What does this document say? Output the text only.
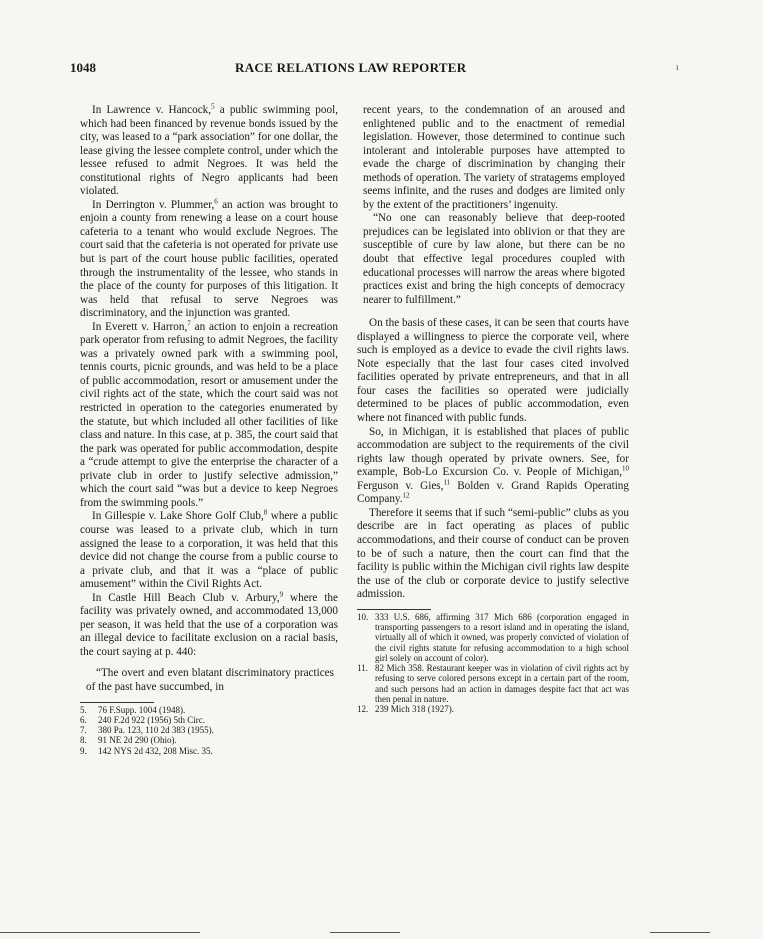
1048	RACE RELATIONS LAW REPORTER	ı

In Lawrence v. Hancock,$^5$ a public swimming pool, which had been financed by revenue bonds issued by the city, was leased to a “park association” for one dollar, the lease giving the lessee complete control, under which the lessee refused to admit Negroes. It was held the constitutional rights of Negro applicants had been violated.

In Derrington v. Plummer,$^6$ an action was brought to enjoin a county from renewing a lease on a court house cafeteria to a tenant who would exclude Negroes. The court said that the cafeteria is not operated for private use but is part of the court house public facilities, operated through the instrumentality of the lessee, who stands in the place of the county for purposes of this litigation. It was held that refusal to serve Negroes was discriminatory, and the injunction was granted.

In Everett v. Harron,$^7$ an action to enjoin a recreation park operator from refusing to admit Negroes, the facility was a privately owned park with a swimming pool, tennis courts, picnic grounds, and was held to be a place of public accommodation, resort or amusement under the civil rights act of the state, which the court said was not restricted in operation to the categories enumerated by the statute, but which included all other facilities of like class and nature. In this case, at p. 385, the court said that the park was operated for public accommodation, despite a “crude attempt to give the enterprise the character of a private club in order to justify selective admission,” which the court said “was but a device to keep Negroes from the swimming pools.”

In Gillespie v. Lake Shore Golf Club,$^8$ where a public course was leased to a private club, which in turn assigned the lease to a corporation, it was held that this device did not change the course from a public course to a private club, and that it was a “place of public amusement” within the Civil Rights Act.

In Castle Hill Beach Club v. Arbury,$^9$ where the facility was privately owned, and accommodated 13,000 per season, it was held that the use of a corporation was an illegal device to facilitate exclusion on a racial basis, the court saying at p. 440:

“The overt and even blatant discriminatory practices of the past have succumbed, in

5.	76 F.Supp. 1004 (1948).
6.	240 F.2d 922 (1956) 5th Circ.
7.	380 Pa. 123, 110 2d 383 (1955).
8.	91 NE 2d 290 (Ohio).
9.	142 NYS 2d 432, 208 Misc. 35.

recent years, to the condemnation of an aroused and enlightened public and to the enactment of remedial legislation. However, those determined to continue such intolerant and intolerable purposes have attempted to evade the charge of discrimination by changing their methods of operation. The variety of stratagems employed seems infinite, and the ruses and dodges are limited only by the extent of the practitioners’ ingenuity.

“No one can reasonably believe that deep-rooted prejudices can be legislated into oblivion or that they are susceptible of cure by law alone, but there can be no doubt that effective legal procedures coupled with educational processes will narrow the areas where bigoted practices exist and bring the high concepts of democracy nearer to fulfillment.”

On the basis of these cases, it can be seen that courts have displayed a willingness to pierce the corporate veil, where such is employed as a device to evade the civil rights laws. Note especially that the last four cases cited involved facilities operated by private entrepreneurs, and that in all four cases the facilities so operated were judicially determined to be places of public accommodation, even where not financed with public funds.

So, in Michigan, it is established that places of public accommodation are subject to the requirements of the civil rights law though operated by private owners. See, for example, Bob-Lo Excursion Co. v. People of Michigan,$^{10}$ Ferguson v. Gies,$^{11}$ Bolden v. Grand Rapids Operating Company.$^{12}$

Therefore it seems that if such “semi-public” clubs as you describe are in fact operating as places of public accommodations, and their course of conduct can be proven to be of such a nature, then the court can find that the facility is public within the Michigan civil rights law despite the use of the club or corporate device to justify selective admission.

10. 333 U.S. 686, affirming 317 Mich 686 (corporation engaged in transporting passengers to a resort island and in operating the island, virtually all of which it owned, was properly convicted of violation of the civil rights statute for refusing accommodation to a high school girl solely on account of color).
11. 82 Mich 358. Restaurant keeper was in violation of civil rights act by refusing to serve colored persons except in a certain part of the room, and such persons had an action in damages despite fact that act was then penal in nature.
12. 239 Mich 318 (1927).
